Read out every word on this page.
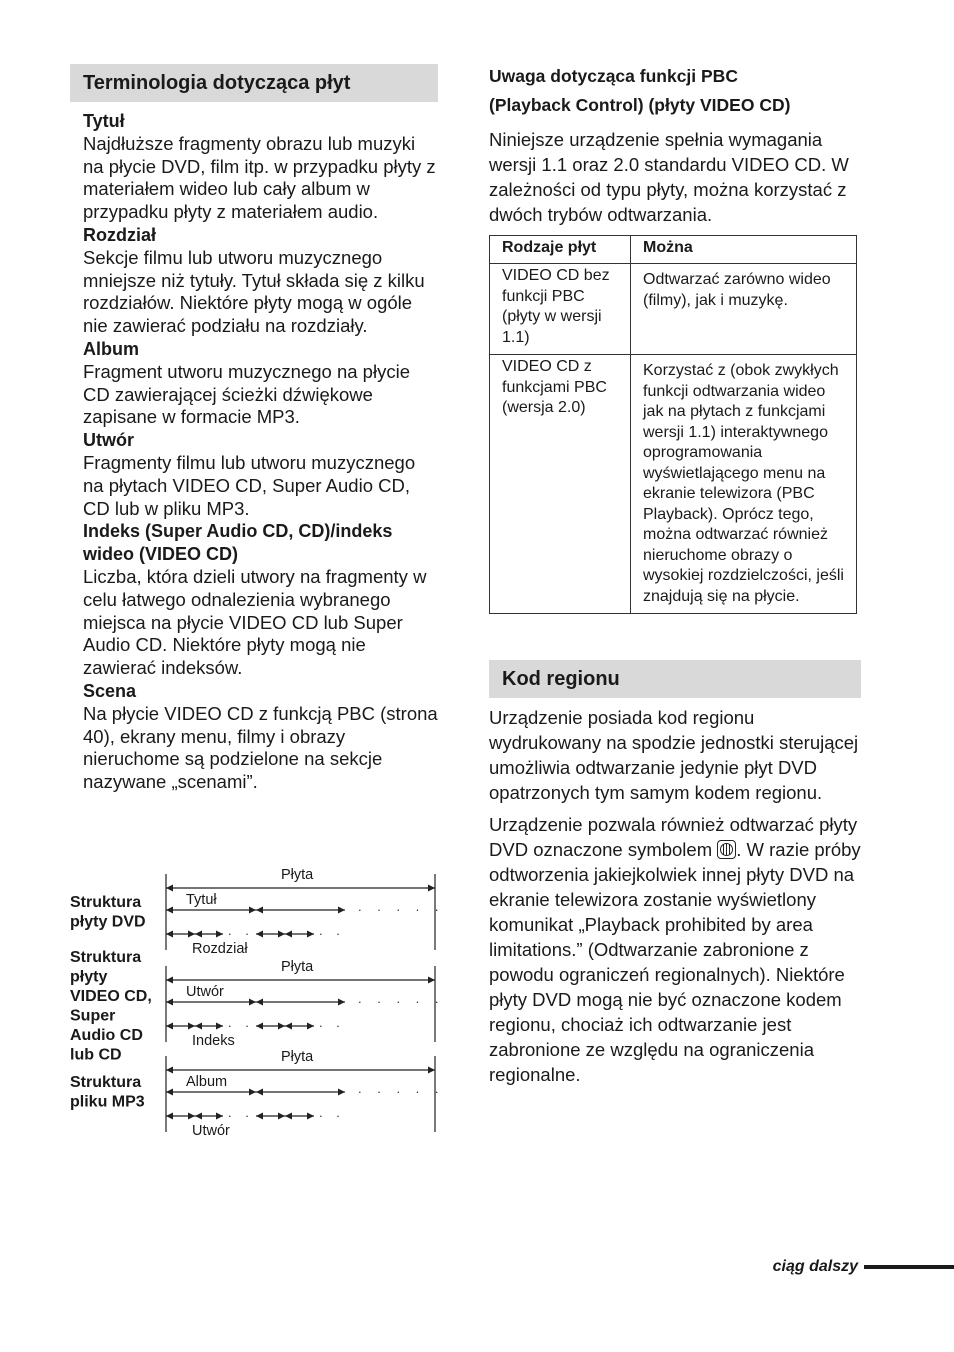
Terminologia dotycząca płyt
Tytuł
Najdłuższe fragmenty obrazu lub muzyki na płycie DVD, film itp. w przypadku płyty z materiałem wideo lub cały album w przypadku płyty z materiałem audio.
Rozdział
Sekcje filmu lub utworu muzycznego mniejsze niż tytuły. Tytuł składa się z kilku rozdziałów. Niektóre płyty mogą w ogóle nie zawierać podziału na rozdziały.
Album
Fragment utworu muzycznego na płycie CD zawierającej ścieżki dźwiękowe zapisane w formacie MP3.
Utwór
Fragmenty filmu lub utworu muzycznego na płytach VIDEO CD, Super Audio CD, CD lub w pliku MP3.
Indeks (Super Audio CD, CD)/indeks wideo (VIDEO CD)
Liczba, która dzieli utwory na fragmenty w celu łatwego odnalezienia wybranego miejsca na płycie VIDEO CD lub Super Audio CD. Niektóre płyty mogą nie zawierać indeksów.
Scena
Na płycie VIDEO CD z funkcją PBC (strona 40), ekrany menu, filmy i obrazy nieruchome są podzielone na sekcje nazywane „scenami”.
Płyta
Tytuł	. . . . .
. .	. .
Rozdział
Struktura
płyty DVD
Płyta
Utwór	. . . . .
. .	. .
Indeks
Struktura
płyty
VIDEO CD,
Super
Audio CD
lub CD	Płyta
Album	. . . . .
. .	. .
Utwór
Struktura
pliku MP3
Uwaga dotycząca funkcji PBC
(Playback Control) (płyty VIDEO CD)
Niniejsze urządzenie spełnia wymagania wersji 1.1 oraz 2.0 standardu VIDEO CD. W zależności od typu płyty, można korzystać z dwóch trybów odtwarzania.
Rodzaje płyt	Można
VIDEO CD bez funkcji PBC (płyty w wersji 1.1)	Odtwarzać zarówno wideo (filmy), jak i muzykę.
VIDEO CD z funkcjami PBC (wersja 2.0)	Korzystać z (obok zwykłych funkcji odtwarzania wideo jak na płytach z funkcjami wersji 1.1) interaktywnego oprogramowania wyświetlającego menu na ekranie telewizora (PBC Playback). Oprócz tego, można odtwarzać również nieruchome obrazy o wysokiej rozdzielczości, jeśli znajdują się na płycie.
Kod regionu
Urządzenie posiada kod regionu wydrukowany na spodzie jednostki sterującej umożliwia odtwarzanie jedynie płyt DVD opatrzonych tym samym kodem regionu.
Urządzenie pozwala również odtwarzać płyty DVD oznaczone symbolem . W razie próby odtworzenia jakiejkolwiek innej płyty DVD na ekranie telewizora zostanie wyświetlony komunikat „Playback prohibited by area limitations.” (Odtwarzanie zabronione z powodu ograniczeń regionalnych). Niektóre płyty DVD mogą nie być oznaczone kodem regionu, chociaż ich odtwarzanie jest zabronione ze względu na ograniczenia regionalne.
ciąg dalszy
